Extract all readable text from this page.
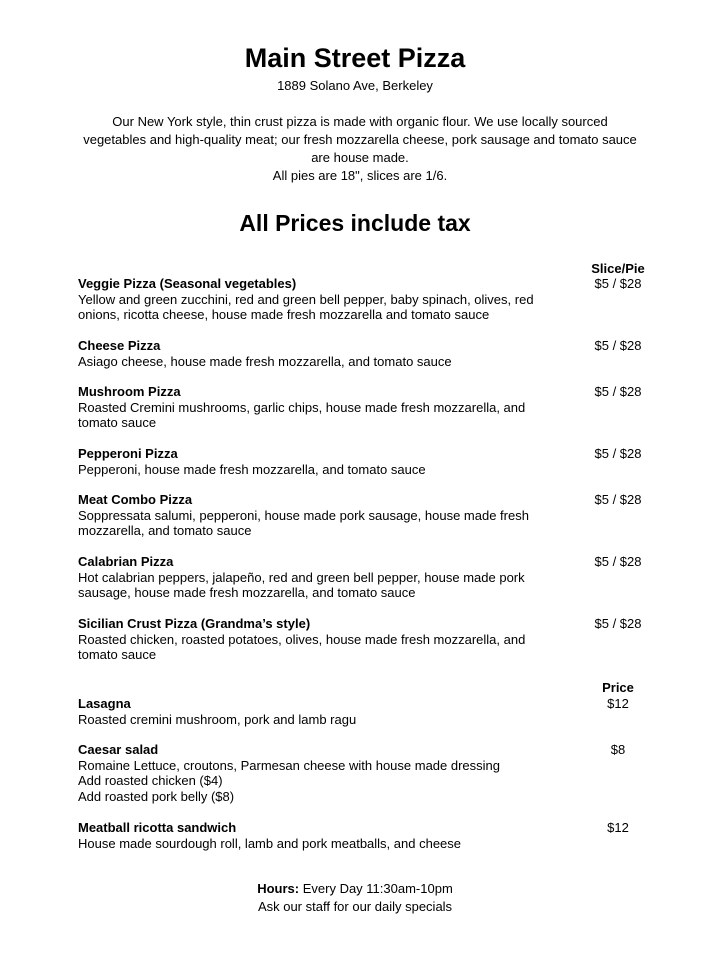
Main Street Pizza
1889 Solano Ave, Berkeley

Our New York style, thin crust pizza is made with organic flour. We use locally sourced vegetables and high-quality meat; our fresh mozzarella cheese, pork sausage and tomato sauce are house made.

All pies are 18", slices are 1/6.

All Prices include tax
Slice/Pie
Veggie Pizza (Seasonal vegetables)
Yellow and green zucchini, red and green bell pepper, baby spinach, olives, red onions, ricotta cheese, house made fresh mozzarella and tomato sauce
$5 / $28
Cheese Pizza
Asiago cheese, house made fresh mozzarella, and tomato sauce
$5 / $28
Mushroom Pizza
Roasted Cremini mushrooms, garlic chips, house made fresh mozzarella, and tomato sauce
$5 / $28
Pepperoni Pizza
Pepperoni, house made fresh mozzarella, and tomato sauce
$5 / $28
Meat Combo Pizza
Soppressata salumi, pepperoni, house made pork sausage, house made fresh mozzarella, and tomato sauce
$5 / $28
Calabrian Pizza
Hot calabrian peppers, jalapeño, red and green bell pepper, house made pork sausage, house made fresh mozzarella, and tomato sauce
$5 / $28
Sicilian Crust Pizza (Grandma’s style)
Roasted chicken, roasted potatoes, olives, house made fresh mozzarella, and tomato sauce
$5 / $28
Price
Lasagna
Roasted cremini mushroom, pork and lamb ragu
$12
Caesar salad
Romaine Lettuce, croutons, Parmesan cheese with house made dressing
Add roasted chicken ($4)
Add roasted pork belly ($8)
$8
Meatball ricotta sandwich
House made sourdough roll, lamb and pork meatballs, and cheese
$12
Hours: Every Day 11:30am-10pm
Ask our staff for our daily specials
